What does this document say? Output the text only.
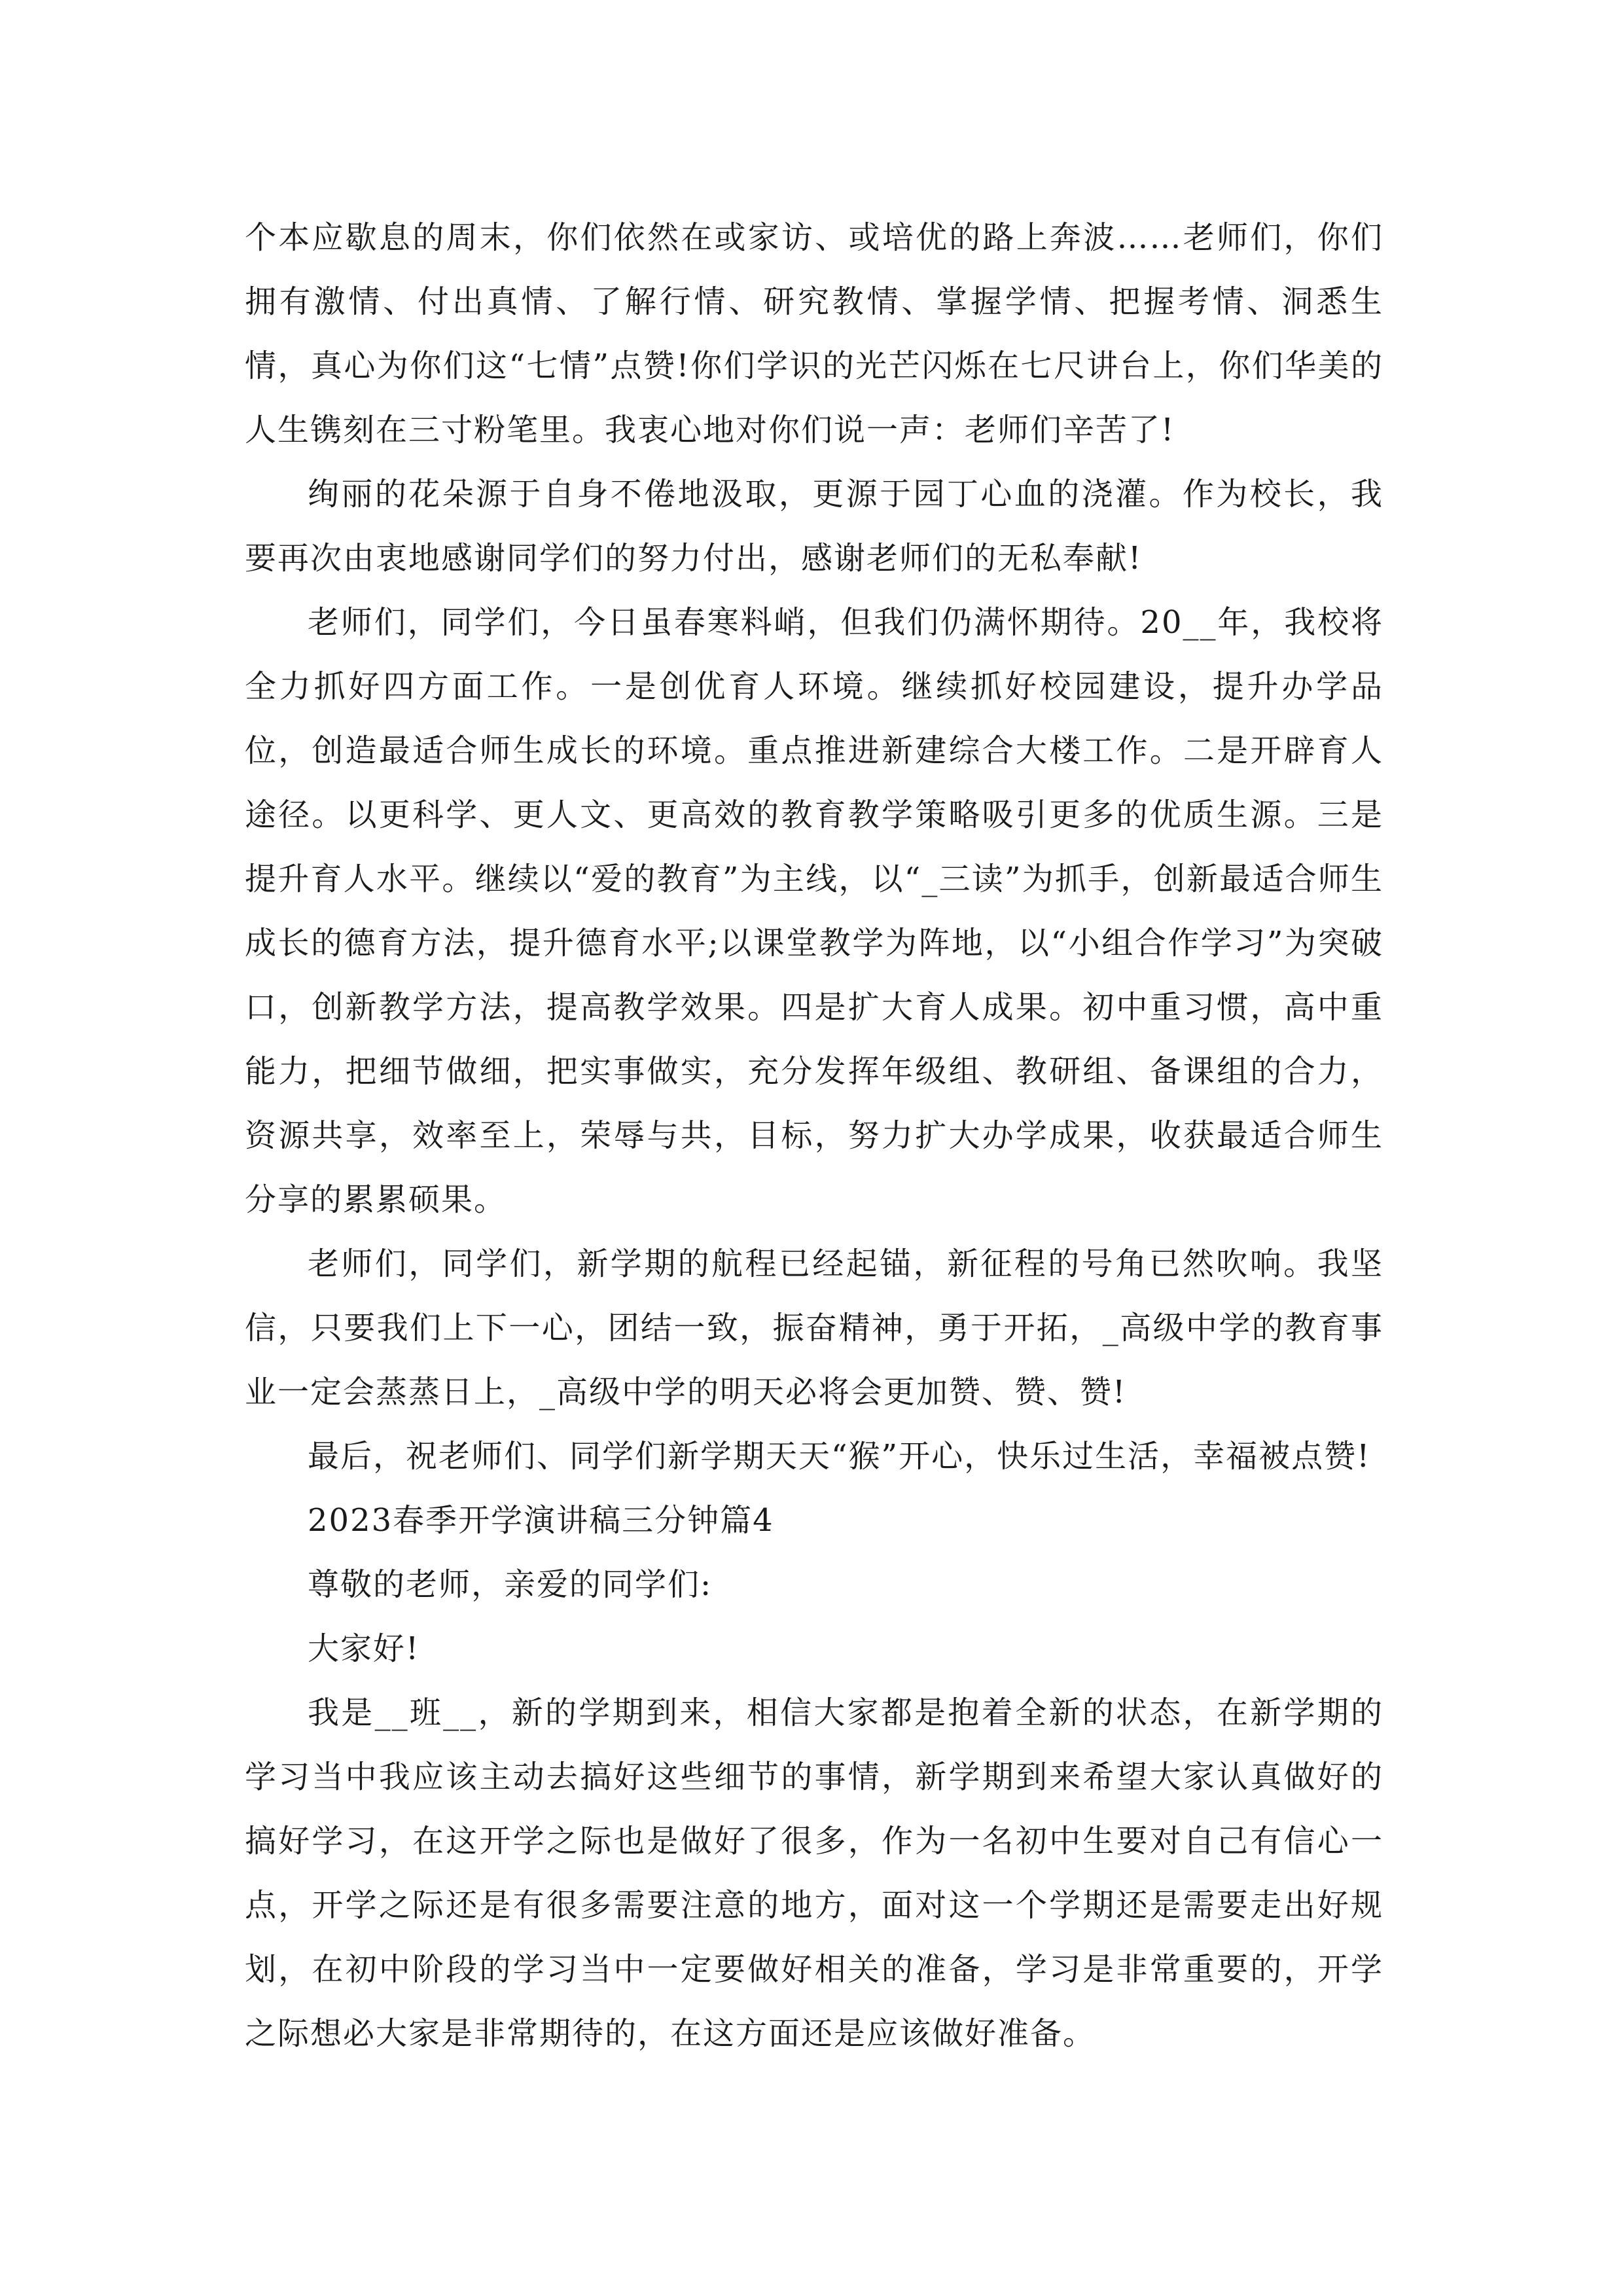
个本应歇息的周末，你们依然在或家访、或培优的路上奔波……老师们，你们拥有激情、付出真情、了解行情、研究教情、掌握学情、把握考情、洞悉生情，真心为你们这“七情”点赞!你们学识的光芒闪烁在七尺讲台上，你们华美的人生镌刻在三寸粉笔里。我衷心地对你们说一声：老师们辛苦了!

绚丽的花朵源于自身不倦地汲取，更源于园丁心血的浇灌。作为校长，我要再次由衷地感谢同学们的努力付出，感谢老师们的无私奉献!

老师们，同学们，今日虽春寒料峭，但我们仍满怀期待。20__年，我校将全力抓好四方面工作。一是创优育人环境。继续抓好校园建设，提升办学品位，创造最适合师生成长的环境。重点推进新建综合大楼工作。二是开辟育人途径。以更科学、更人文、更高效的教育教学策略吸引更多的优质生源。三是提升育人水平。继续以“爱的教育”为主线，以“_三读”为抓手，创新最适合师生成长的德育方法，提升德育水平;以课堂教学为阵地，以“小组合作学习”为突破口，创新教学方法，提高教学效果。四是扩大育人成果。初中重习惯，高中重能力，把细节做细，把实事做实，充分发挥年级组、教研组、备课组的合力，资源共享，效率至上，荣辱与共，目标，努力扩大办学成果，收获最适合师生分享的累累硕果。

老师们，同学们，新学期的航程已经起锚，新征程的号角已然吹响。我坚信，只要我们上下一心，团结一致，振奋精神，勇于开拓，_高级中学的教育事业一定会蒸蒸日上，_高级中学的明天必将会更加赞、赞、赞!

最后，祝老师们、同学们新学期天天“猴”开心，快乐过生活，幸福被点赞!

2023春季开学演讲稿三分钟篇4

尊敬的老师，亲爱的同学们:

大家好!

我是__班__，新的学期到来，相信大家都是抱着全新的状态，在新学期的学习当中我应该主动去搞好这些细节的事情，新学期到来希望大家认真做好的搞好学习，在这开学之际也是做好了很多，作为一名初中生要对自己有信心一点，开学之际还是有很多需要注意的地方，面对这一个学期还是需要走出好规划，在初中阶段的学习当中一定要做好相关的准备，学习是非常重要的，开学之际想必大家是非常期待的，在这方面还是应该做好准备。
